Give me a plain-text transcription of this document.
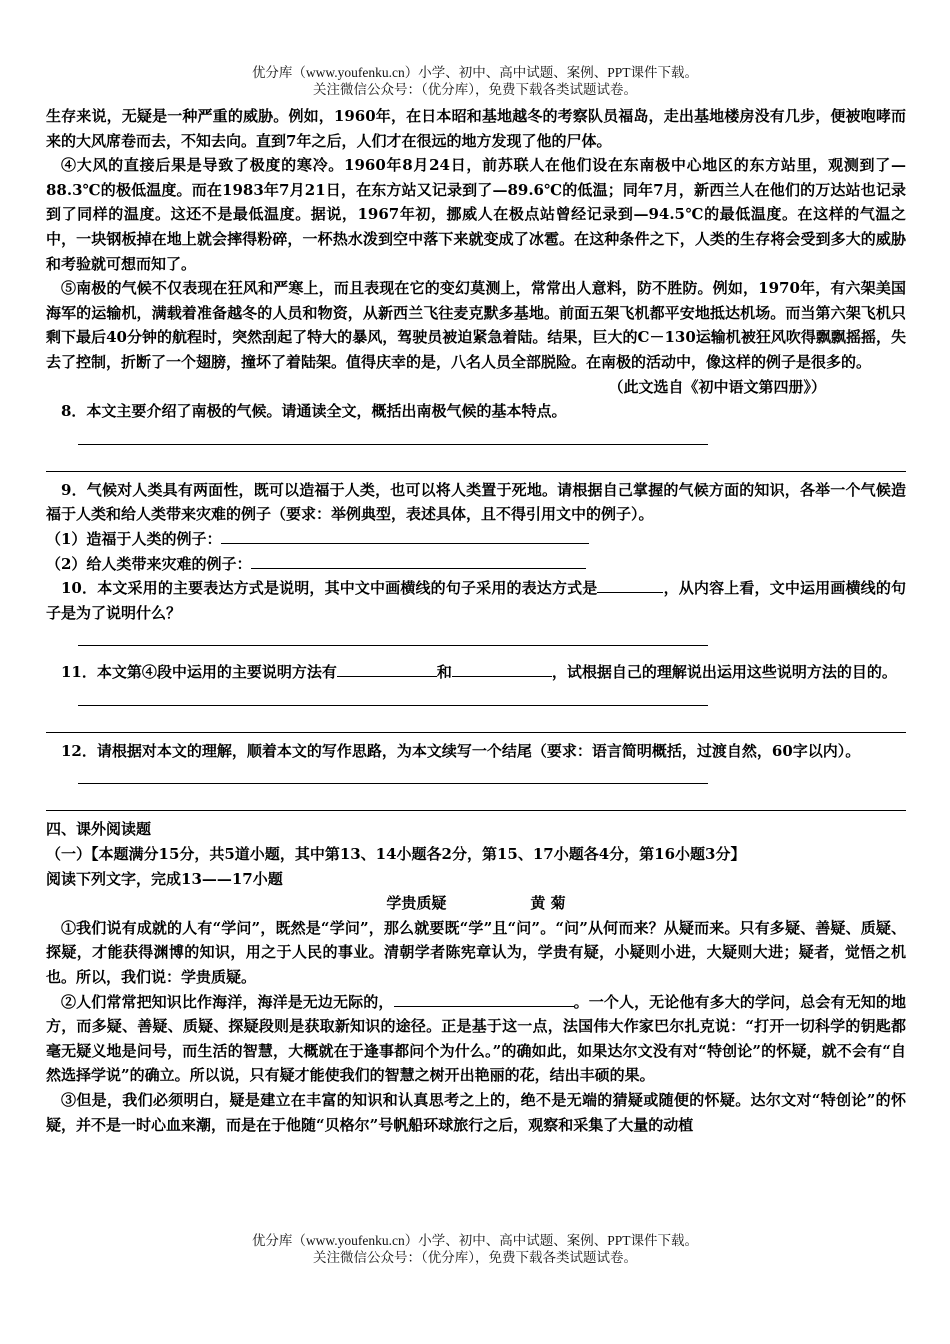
优分库（www.youfenku.cn）小学、初中、高中试题、案例、PPT课件下载。
关注微信公众号：（优分库），免费下载各类试题试卷。

生存来说，无疑是一种严重的威胁。例如，1960年，在日本昭和基地越冬的考察队员福岛，走出基地楼房没有几步，便被咆哮而来的大风席卷而去，不知去向。直到7年之后，人们才在很远的地方发现了他的尸体。

④大风的直接后果是导致了极度的寒冷。1960年8月24日，前苏联人在他们设在东南极中心地区的东方站里，观测到了—88.3℃的极低温度。而在1983年7月21日，在东方站又记录到了—89.6℃的低温；同年7月，新西兰人在他们的万达站也记录到了同样的温度。这还不是最低温度。据说，1967年初，挪威人在极点站曾经记录到—94.5℃的最低温度。在这样的气温之中，一块钢板掉在地上就会摔得粉碎，一杯热水泼到空中落下来就变成了冰雹。在这种条件之下，人类的生存将会受到多大的威胁和考验就可想而知了。

⑤南极的气候不仅表现在狂风和严寒上，而且表现在它的变幻莫测上，常常出人意料，防不胜防。例如，1970年，有六架美国海军的运输机，满载着准备越冬的人员和物资，从新西兰飞往麦克默多基地。前面五架飞机都平安地抵达机场。而当第六架飞机只剩下最后40分钟的航程时，突然刮起了特大的暴风，驾驶员被迫紧急着陆。结果，巨大的C－130运输机被狂风吹得飘飘摇摇，失去了控制，折断了一个翅膀，撞坏了着陆架。值得庆幸的是，八名人员全部脱险。在南极的活动中，像这样的例子是很多的。

（此文选自《初中语文第四册》）

8．本文主要介绍了南极的气候。请通读全文，概括出南极气候的基本特点。

9．气候对人类具有两面性，既可以造福于人类，也可以将人类置于死地。请根据自己掌握的气候方面的知识，各举一个气候造福于人类和给人类带来灾难的例子（要求：举例典型，表述具体，且不得引用文中的例子）。

（1）造福于人类的例子：

（2）给人类带来灾难的例子：

10．本文采用的主要表达方式是说明，其中文中画横线的句子采用的表达方式是	，从内容上看，文中运用画横线的句子是为了说明什么？

11．本文第④段中运用的主要说明方法有	和	，试根据自己的理解说出运用这些说明方法的目的。

12．请根据对本文的理解，顺着本文的写作思路，为本文续写一个结尾（要求：语言简明概括，过渡自然，60字以内）。

四、课外阅读题

（一）【本题满分15分，共5道小题，其中第13、14小题各2分，第15、17小题各4分，第16小题3分】

阅读下列文字，完成13——17小题

学贵质疑	黄 菊

①我们说有成就的人有“学问”，既然是“学问”，那么就要既“学”且“问”。“问”从何而来？从疑而来。只有多疑、善疑、质疑、探疑，才能获得渊博的知识，用之于人民的事业。清朝学者陈宪章认为，学贵有疑，小疑则小进，大疑则大进；疑者，觉悟之机也。所以，我们说：学贵质疑。

②人们常常把知识比作海洋，海洋是无边无际的，	。一个人，无论他有多大的学问，总会有无知的地方，而多疑、善疑、质疑、探疑段则是获取新知识的途径。正是基于这一点，法国伟大作家巴尔扎克说：“打开一切科学的钥匙都毫无疑义地是问号，而生活的智慧，大概就在于逢事都问个为什么。”的确如此，如果达尔文没有对“特创论”的怀疑，就不会有“自然选择学说”的确立。所以说，只有疑才能使我们的智慧之树开出艳丽的花，结出丰硕的果。

③但是，我们必须明白，疑是建立在丰富的知识和认真思考之上的，绝不是无端的猜疑或随便的怀疑。达尔文对“特创论”的怀疑，并不是一时心血来潮，而是在于他随“贝格尔”号帆船环球旅行之后，观察和采集了大量的动植

优分库（www.youfenku.cn）小学、初中、高中试题、案例、PPT课件下载。
关注微信公众号：（优分库），免费下载各类试题试卷。
